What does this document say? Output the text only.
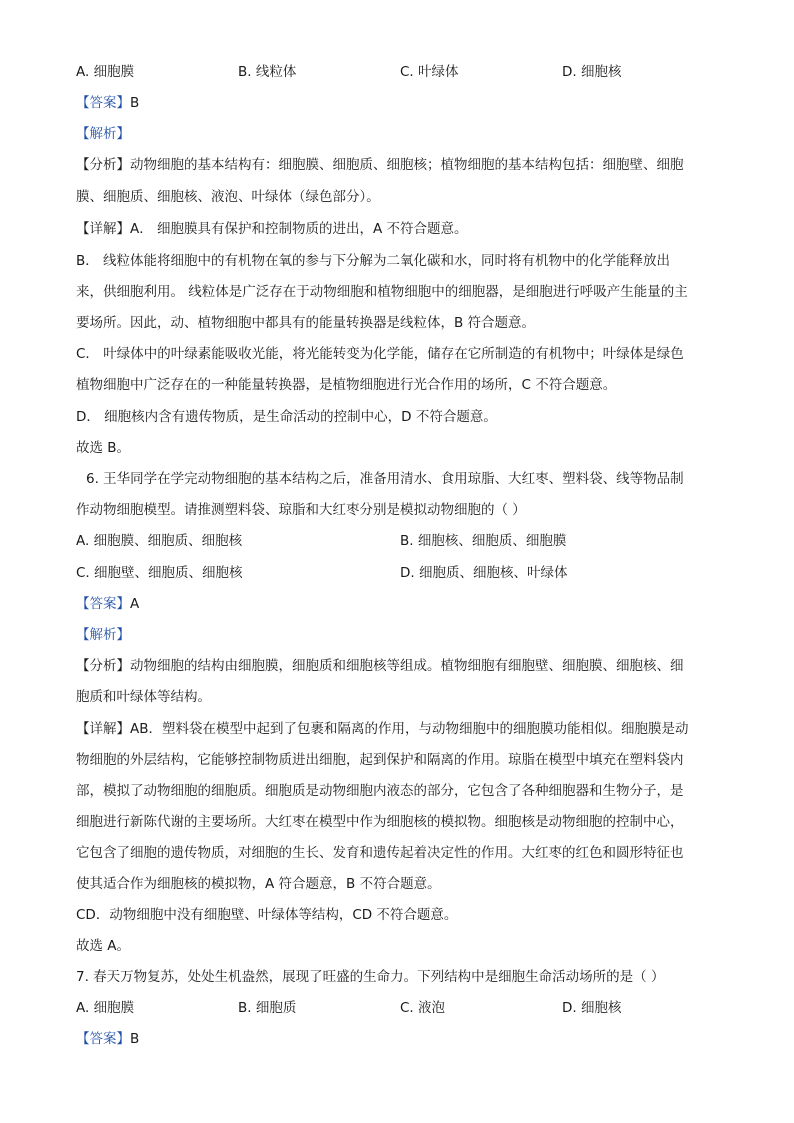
A. 细胞膜	B. 线粒体	C. 叶绿体	D. 细胞核
【答案】B
【解析】
【分析】动物细胞的基本结构有：细胞膜、细胞质、细胞核；植物细胞的基本结构包括：细胞壁、细胞
膜、细胞质、细胞核、液泡、叶绿体（绿色部分）。
【详解】A． 细胞膜具有保护和控制物质的进出，A 不符合题意。
B． 线粒体能将细胞中的有机物在氧的参与下分解为二氧化碳和水，同时将有机物中的化学能释放出
来，供细胞利用。 线粒体是广泛存在于动物细胞和植物细胞中的细胞器，是细胞进行呼吸产生能量的主
要场所。因此，动、植物细胞中都具有的能量转换器是线粒体，B 符合题意。
C． 叶绿体中的叶绿素能吸收光能，将光能转变为化学能，储存在它所制造的有机物中；叶绿体是绿色
植物细胞中广泛存在的一种能量转换器，是植物细胞进行光合作用的场所，C 不符合题意。
D． 细胞核内含有遗传物质，是生命活动的控制中心，D 不符合题意。
故选 B。
6. 王华同学在学完动物细胞的基本结构之后，准备用清水、食用琼脂、大红枣、塑料袋、线等物品制
作动物细胞模型。请推测塑料袋、琼脂和大红枣分别是模拟动物细胞的（ ）
A. 细胞膜、细胞质、细胞核	B. 细胞核、细胞质、细胞膜
C. 细胞壁、细胞质、细胞核	D. 细胞质、细胞核、叶绿体
【答案】A
【解析】
【分析】动物细胞的结构由细胞膜，细胞质和细胞核等组成。植物细胞有细胞壁、细胞膜、细胞核、细
胞质和叶绿体等结构。
【详解】AB．塑料袋在模型中起到了包裹和隔离的作用，与动物细胞中的细胞膜功能相似。细胞膜是动
物细胞的外层结构，它能够控制物质进出细胞，起到保护和隔离的作用。琼脂在模型中填充在塑料袋内
部，模拟了动物细胞的细胞质。细胞质是动物细胞内液态的部分，它包含了各种细胞器和生物分子，是
细胞进行新陈代谢的主要场所。大红枣在模型中作为细胞核的模拟物。细胞核是动物细胞的控制中心，
它包含了细胞的遗传物质，对细胞的生长、发育和遗传起着决定性的作用。大红枣的红色和圆形特征也
使其适合作为细胞核的模拟物，A 符合题意，B 不符合题意。
CD．动物细胞中没有细胞壁、叶绿体等结构，CD 不符合题意。
故选 A。
7. 春天万物复苏，处处生机盎然，展现了旺盛的生命力。下列结构中是细胞生命活动场所的是（ ）
A. 细胞膜	B. 细胞质	C. 液泡	D. 细胞核
【答案】B
